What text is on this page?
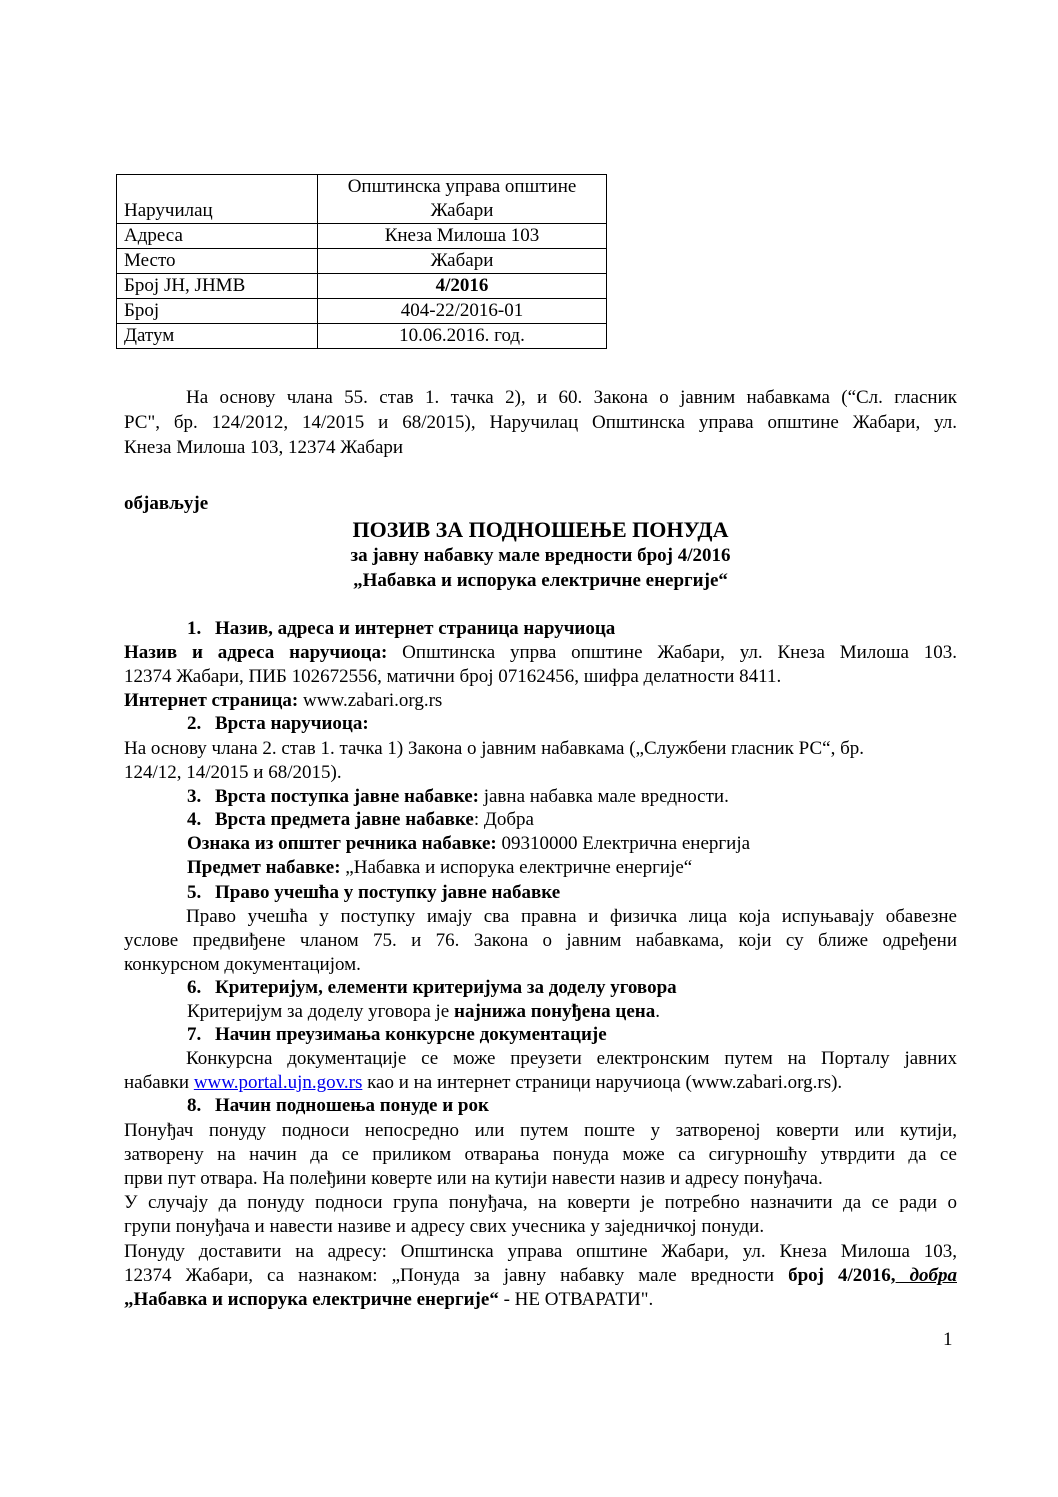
Наручилац	Општинска управа општине
Жабари
Адреса	Кнеза Милоша 103
Место	Жабари
Број ЈН, ЈНМВ	4/2016
Број	404-22/2016-01
Датум	10.06.2016. год.
На основу члана 55. став 1. тачка 2), и 60. Закона о јавним набавкама (“Сл. гласник
РС", бр. 124/2012, 14/2015 и 68/2015), Наручилац Општинска управа општине Жабари, ул.
Кнеза Милоша 103, 12374 Жабари
објављује
ПОЗИВ ЗА ПОДНОШЕЊЕ ПОНУДА
за јавну набавку мале вредности број 4/2016
„Набавка и испорука електричне енергије“
1. Назив, адреса и интернет страница наручиоца
Назив и адреса наручиоца: Општинска упрва општине Жабари, ул. Кнеза Милоша 103.
12374 Жабари, ПИБ 102672556, матични број 07162456, шифра делатности 8411.
Интернет страница: www.zabari.org.rs
2. Врста наручиоца:
На основу члана 2. став 1. тачка 1) Закона о јавним набавкама („Службени гласник РС“, бр.
124/12, 14/2015 и 68/2015).
3. Врста поступка јавне набавке: јавна набавка мале вредности.
4. Врста предмета јавне набавке: Добра
Ознака из општег речника набавке: 09310000 Електрична енергија
Предмет набавке: „Набавка и испорука електричне енергије“
5. Право учешћа у поступку јавне набавке
Право учешћа у поступку имају сва правна и физичка лица која испуњавају обавезне
услове предвиђене чланом 75. и 76. Закона о јавним набавкама, који су ближе одређени
конкурсном документацијом.
6. Критеријум, елементи критеријума за доделу уговора
Критеријум за доделу уговора је најнижа понуђена цена.
7. Начин преузимања конкурсне документације
Конкурсна документације се може преузети електронским путем на Порталу јавних
набавки www.portal.ujn.gov.rs као и на интернет страници наручиоца (www.zabari.org.rs).
8. Начин подношења понуде и рок
Понуђач понуду подноси непосредно или путем поште у затвореној коверти или кутији,
затворену на начин да се приликом отварања понуда може са сигурношћу утврдити да се
први пут отвара. На полеђини коверте или на кутији навести назив и адресу понуђача.
У случају да понуду подноси група понуђача, на коверти је потребно назначити да се ради о
групи понуђача и навести називе и адресу свих учесника у заједничкој понуди.
Понуду доставити на адресу: Општинска управа општине Жабари, ул. Кнеза Милоша 103,
12374 Жабари, са назнаком: „Понуда за јавну набавку мале вредности број 4/2016, добра
„Набавка и испорука електричне енергије“ - НЕ ОТВАРАТИ".
1
